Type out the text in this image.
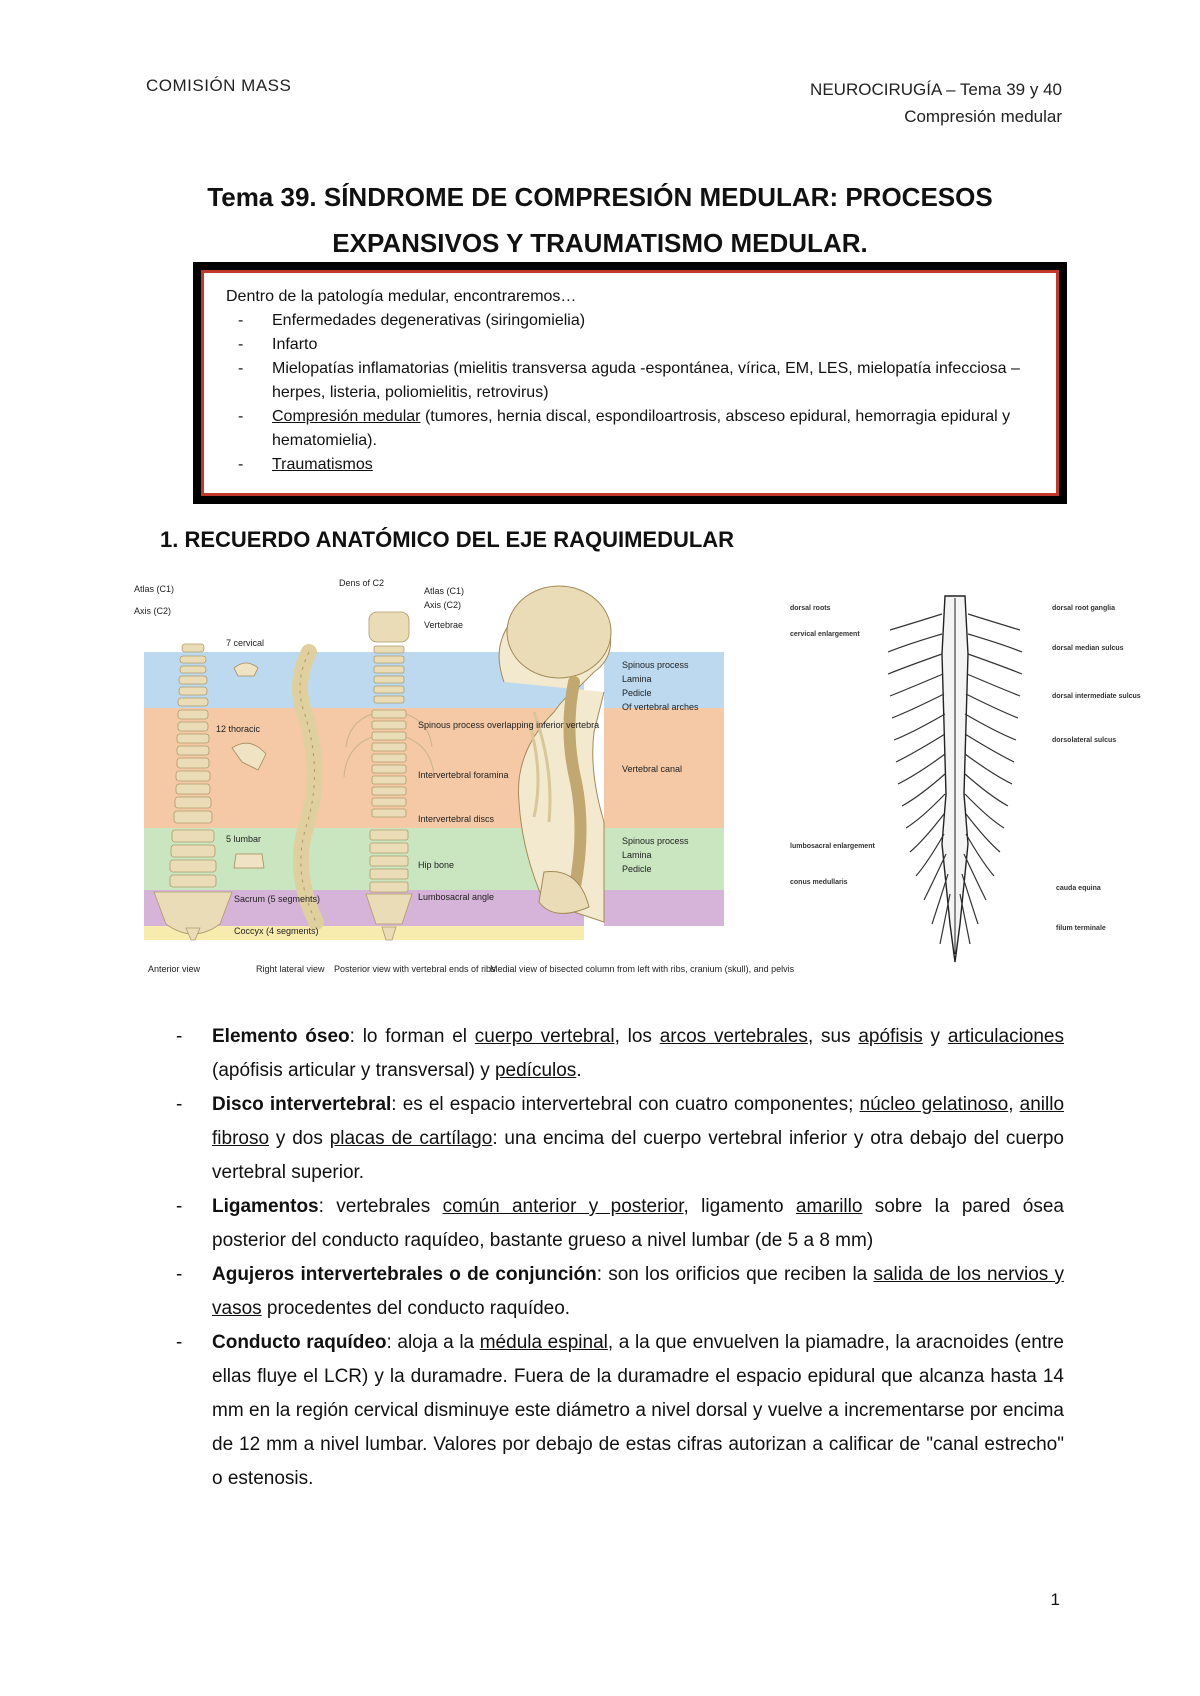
COMISIÓN MASS	NEUROCIRUGÍA – Tema 39 y 40
Compresión medular
Tema 39. SÍNDROME DE COMPRESIÓN MEDULAR: PROCESOS
EXPANSIVOS Y TRAUMATISMO MEDULAR.
Dentro de la patología medular, encontraremos…
- Enfermedades degenerativas (siringomielia)
- Infarto
- Mielopatías inflamatorias (mielitis transversa aguda -espontánea, vírica, EM, LES, mielopatía infecciosa –herpes, listeria, poliomielitis, retrovirus)
- Compresión medular (tumores, hernia discal, espondiloartrosis, absceso epidural, hemorragia epidural y hematomielia).
- Traumatismos
1. RECUERDO ANATÓMICO DEL EJE RAQUIMEDULAR
Atlas (C1)
Axis (C2)
Dens of C2
Atlas (C1)
Axis (C2)
Vertebrae
7 cervical
12 thoracic
5 lumbar
Sacrum (5 segments)
Coccyx (4 segments)
Spinous process overlapping inferior vertebra
Intervertebral foramina
Intervertebral discs
Hip bone
Lumbosacral angle
Spinous process
Lamina
Pedicle
Of vertebral arches
Vertebral canal
Spinous process
Lamina
Pedicle
Anterior view	Right lateral view Posterior view with vertebral ends of ribs
Medial view of bisected column from left with ribs, cranium (skull), and pelvis
dorsal roots
cervical enlargement
dorsal root ganglia
dorsal median sulcus
dorsal intermediate sulcus
dorsolateral sulcus
lumbosacral enlargement
conus medullaris
cauda equina
filum terminale
- Elemento óseo: lo forman el cuerpo vertebral, los arcos vertebrales, sus apófisis y articulaciones (apófisis articular y transversal) y pedículos.
- Disco intervertebral: es el espacio intervertebral con cuatro componentes; núcleo gelatinoso, anillo fibroso y dos placas de cartílago: una encima del cuerpo vertebral inferior y otra debajo del cuerpo vertebral superior.
- Ligamentos: vertebrales común anterior y posterior, ligamento amarillo sobre la pared ósea posterior del conducto raquídeo, bastante grueso a nivel lumbar (de 5 a 8 mm)
- Agujeros intervertebrales o de conjunción: son los orificios que reciben la salida de los nervios y vasos procedentes del conducto raquídeo.
- Conducto raquídeo: aloja a la médula espinal, a la que envuelven la piamadre, la aracnoides (entre ellas fluye el LCR) y la duramadre. Fuera de la duramadre el espacio epidural que alcanza hasta 14 mm en la región cervical disminuye este diámetro a nivel dorsal y vuelve a incrementarse por encima de 12 mm a nivel lumbar. Valores por debajo de estas cifras autorizan a calificar de "canal estrecho" o estenosis.
1
